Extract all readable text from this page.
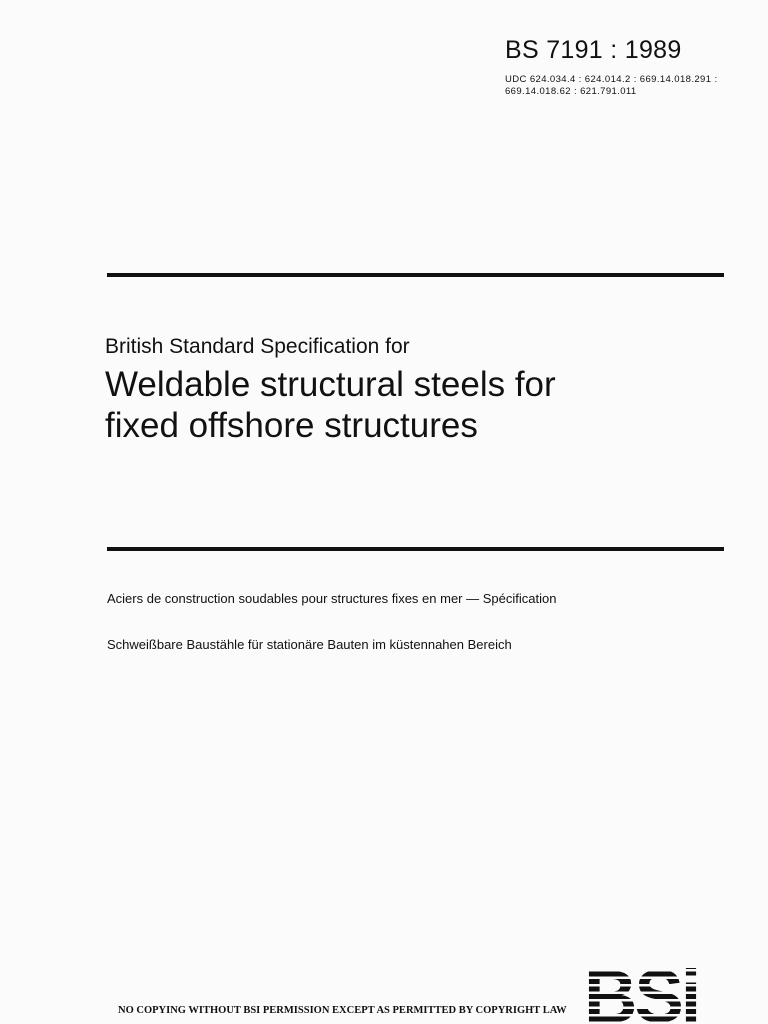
BS 7191 : 1989
UDC 624.034.4 : 624.014.2 : 669.14.018.291 :
669.14.018.62 : 621.791.011
British Standard Specification for
Weldable structural steels for
fixed offshore structures
Aciers de construction soudables pour structures fixes en mer — Spécification
Schweißbare Baustähle für stationäre Bauten im küstennahen Bereich
NO COPYING WITHOUT BSI PERMISSION EXCEPT AS PERMITTED BY COPYRIGHT LAW BSi
